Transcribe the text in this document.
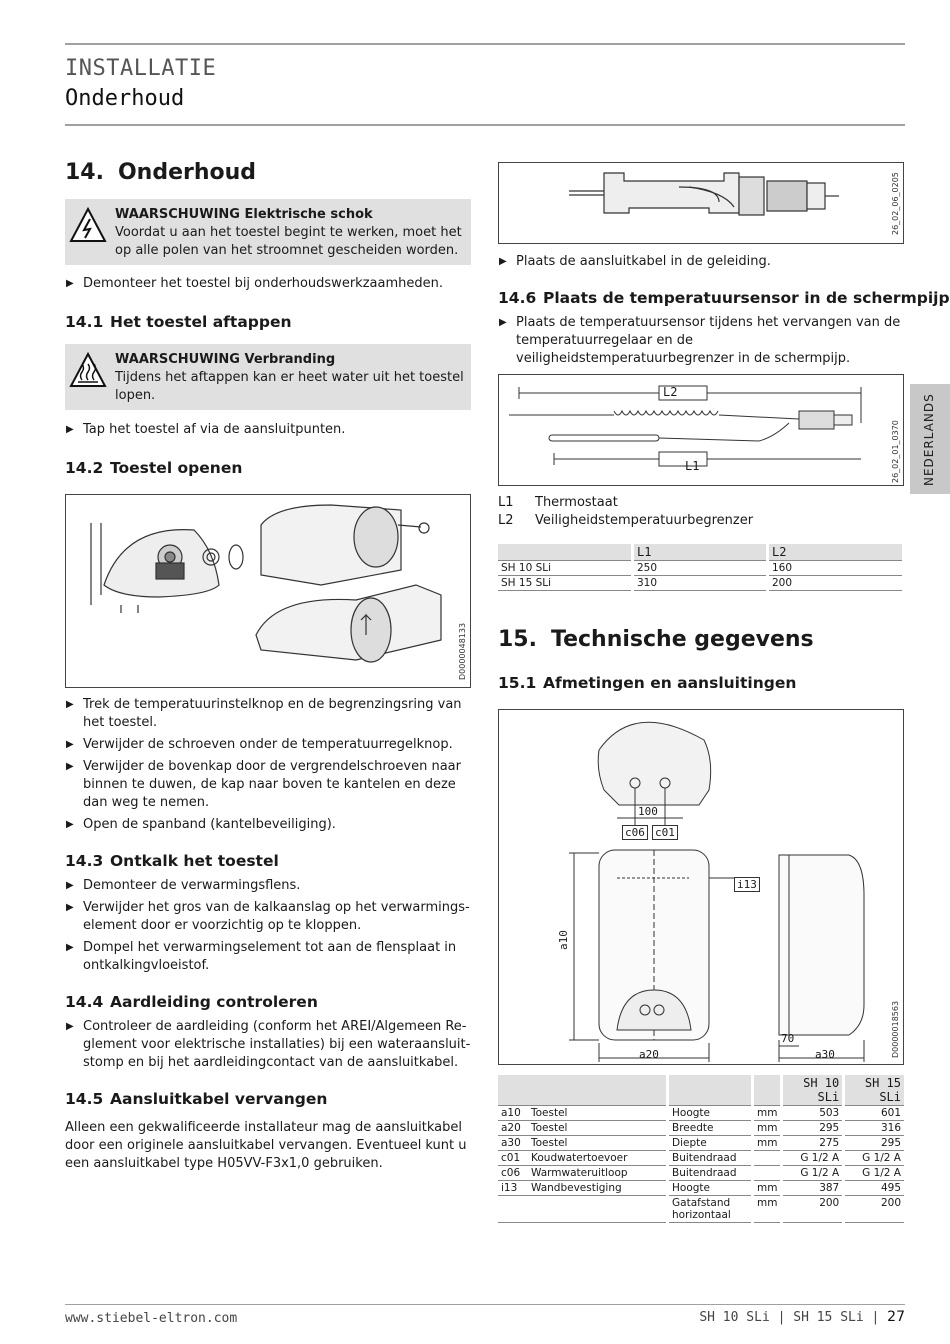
INSTALLATIE
Onderhoud
NEDERLANDS
14. Onderhoud
WAARSCHUWING Elektrische schok
Voordat u aan het toestel begint te werken, moet het op alle polen van het stroomnet gescheiden worden.
▶ Demonteer het toestel bij onderhoudswerkzaamheden.
14.1 Het toestel aftappen
WAARSCHUWING Verbranding
Tijdens het aftappen kan er heet water uit het toestel lopen.
▶ Tap het toestel af via de aansluitpunten.
14.2 Toestel openen
D0000048133
▶ Trek de temperatuurinstelknop en de begrenzingsring van het toestel.
▶ Verwijder de schroeven onder de temperatuurregelknop.
▶ Verwijder de bovenkap door de vergrendelschroeven naar binnen te duwen, de kap naar boven te kantelen en deze dan weg te nemen.
▶ Open de spanband (kantelbeveiliging).
14.3 Ontkalk het toestel
▶ Demonteer de verwarmingsflens.
▶ Verwijder het gros van de kalkaanslag op het verwarmingselement door er voorzichtig op te kloppen.
▶ Dompel het verwarmingselement tot aan de flensplaat in ontkalkingvloeistof.
14.4 Aardleiding controleren
▶ Controleer de aardleiding (conform het AREI/Algemeen Reglement voor elektrische installaties) bij een wateraansluitstomp en bij het aardleidingcontact van de aansluitkabel.
14.5 Aansluitkabel vervangen
Alleen een gekwalificeerde installateur mag de aansluitkabel door een originele aansluitkabel vervangen. Eventueel kunt u een aansluitkabel type H05VV-F3x1,0 gebruiken.
26_02_06_0205
▶ Plaats de aansluitkabel in de geleiding.
14.6 Plaats de temperatuursensor in de schermpijp
▶ Plaats de temperatuursensor tijdens het vervangen van de temperatuurregelaar en de veiligheidstemperatuurbegrenzer in de schermpijp.
L2
L1	26_02_01_0370
L1 Thermostaat
L2 Veiligheidstemperatuurbegrenzer
		L1		L2
SH 10 SLi		250		160
SH 15 SLi		310		200
15. Technische gegevens
15.1 Afmetingen en aansluitingen
100
c06 c01
i13
a10
a20	a30
70	D0000018563
							SH 10 SLi		SH 15 SLi
a10	Toestel		Hoogte		mm		503		601
a20	Toestel		Breedte		mm		295		316
a30	Toestel		Diepte		mm		275		295
c01	Koudwatertoevoer		Buitendraad				G 1/2 A		G 1/2 A
c06	Warmwateruitloop		Buitendraad				G 1/2 A		G 1/2 A
i13	Wandbevestiging		Hoogte		mm		387		495
			Gatafstand horizontaal		mm		200		200
www.stiebel-eltron.com	SH 10 SLi | SH 15 SLi | 27
